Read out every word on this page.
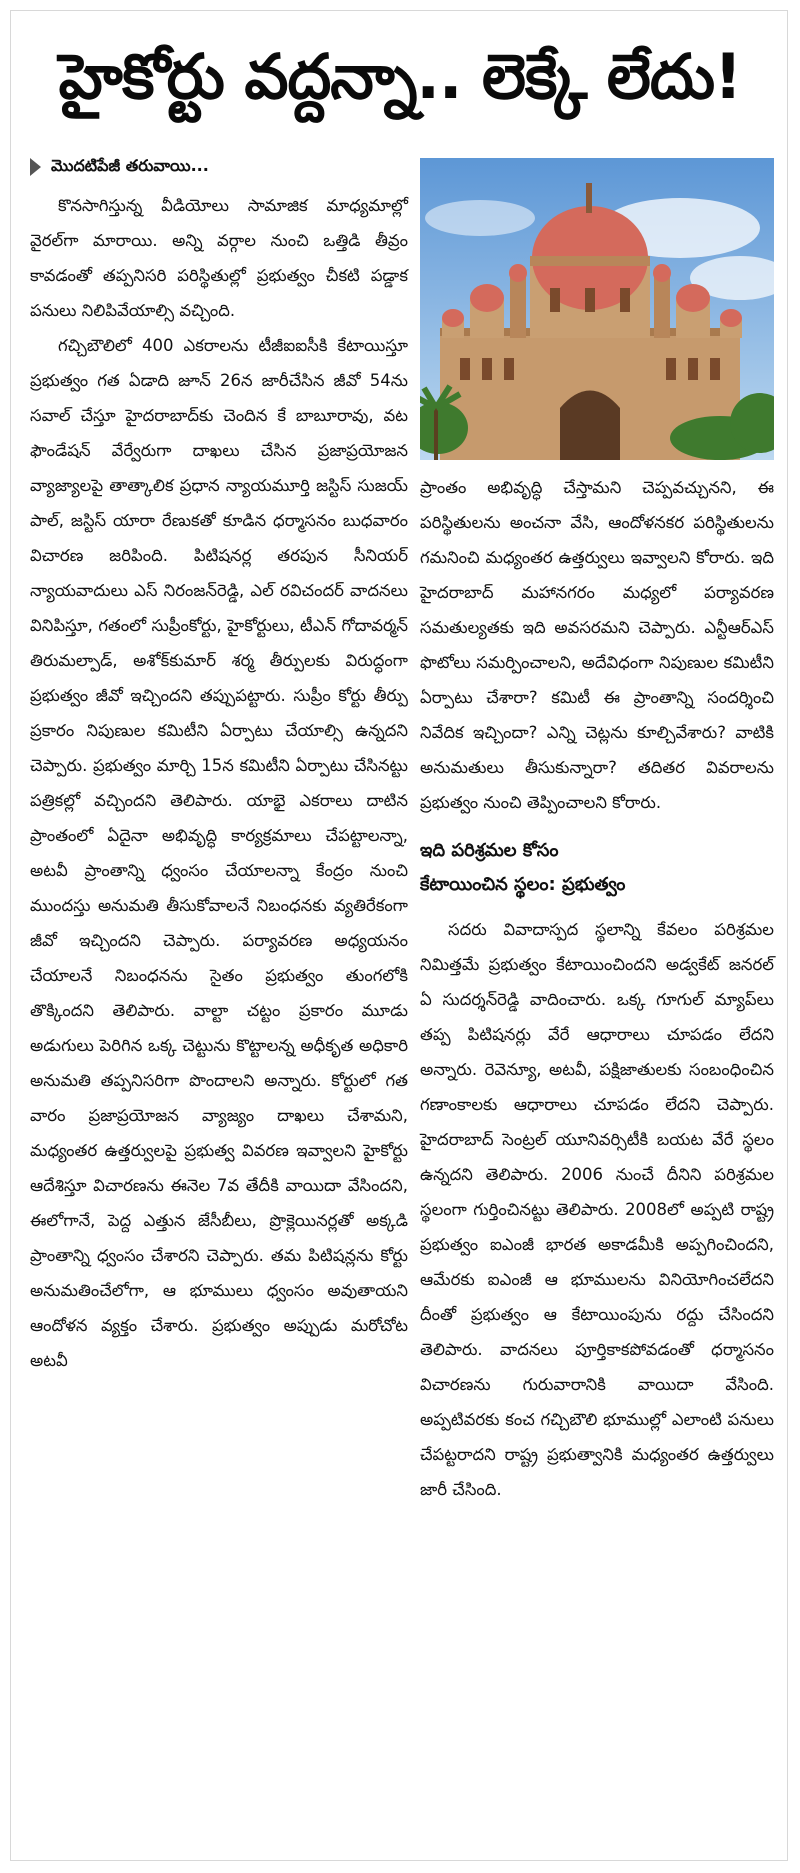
హైకోర్టు వద్దన్నా.. లెక్కే లేదు!
మొదటిపేజీ తరువాయి...

కొనసాగిస్తున్న వీడియోలు సామాజిక మాధ్యమాల్లో వైరల్‌గా మారాయి. అన్ని వర్గాల నుంచి ఒత్తిడి తీవ్రం కావడంతో తప్పనిసరి పరిస్థితుల్లో ప్రభుత్వం చీకటి పడ్డాక పనులు నిలిపివేయాల్సి వచ్చింది.

గచ్చిబౌలిలో 400 ఎకరాలను టీజీఐఐసీకి కేటాయిస్తూ ప్రభుత్వం గత ఏడాది జూన్ 26న జారీచేసిన జీవో 54ను సవాల్ చేస్తూ హైదరాబాద్‌కు చెందిన కే బాబూరావు, వట ఫౌండేషన్ వేర్వేరుగా దాఖలు చేసిన ప్రజాప్రయోజన వ్యాజ్యాలపై తాత్కాలిక ప్రధాన న్యాయమూర్తి జస్టిస్ సుజయ్ పాల్, జస్టిస్ యారా రేణుకతో కూడిన ధర్మాసనం బుధవారం విచారణ జరిపింది. పిటిషనర్ల తరపున సీనియర్ న్యాయవాదులు ఎస్ నిరంజన్‌రెడ్డి, ఎల్ రవిచందర్ వాదనలు వినిపిస్తూ, గతంలో సుప్రీంకోర్టు, హైకోర్టులు, టీఎన్ గోదావర్మన్ తిరుమల్పాడ్, అశోక్‌కుమార్ శర్మ తీర్పులకు విరుద్ధంగా ప్రభుత్వం జీవో ఇచ్చిందని తప్పుపట్టారు. సుప్రీం కోర్టు తీర్పు ప్రకారం నిపుణుల కమిటీని ఏర్పాటు చేయాల్సి ఉన్నదని చెప్పారు. ప్రభుత్వం మార్చి 15న కమిటీని ఏర్పాటు చేసినట్టు పత్రికల్లో వచ్చిందని తెలిపారు. యాభై ఎకరాలు దాటిన ప్రాంతంలో ఏదైనా అభివృద్ధి కార్యక్రమాలు చేపట్టాలన్నా, అటవీ ప్రాంతాన్ని ధ్వంసం చేయాలన్నా కేంద్రం నుంచి ముందస్తు అనుమతి తీసుకోవాలనే నిబంధనకు వ్యతిరేకంగా జీవో ఇచ్చిందని చెప్పారు. పర్యావరణ అధ్యయనం చేయాలనే నిబంధనను సైతం ప్రభుత్వం తుంగలోకి తొక్కిందని తెలిపారు. వాల్టా చట్టం ప్రకారం మూడు అడుగులు పెరిగిన ఒక్క చెట్టును కొట్టాలన్న అధీకృత అధికారి అనుమతి తప్పనిసరిగా పొందాలని అన్నారు. కోర్టులో గత వారం ప్రజాప్రయోజన వ్యాజ్యం దాఖలు చేశామని, మధ్యంతర ఉత్తర్వులపై ప్రభుత్వ వివరణ ఇవ్వాలని హైకోర్టు ఆదేశిస్తూ విచారణను ఈనెల 7వ తేదీకి వాయిదా వేసిందని, ఈలోగానే, పెద్ద ఎత్తున జేసీబీలు, ప్రొక్లెయినర్లతో అక్కడి ప్రాంతాన్ని ధ్వంసం చేశారని చెప్పారు. తమ పిటిషన్లను కోర్టు అనుమతించేలోగా, ఆ భూములు ధ్వంసం అవుతాయని ఆందోళన వ్యక్తం చేశారు. ప్రభుత్వం అప్పుడు మరోచోట అటవీ

ప్రాంతం అభివృద్ధి చేస్తామని చెప్పవచ్చునని, ఈ పరిస్థితులను అంచనా వేసి, ఆందోళనకర పరిస్థితులను గమనించి మధ్యంతర ఉత్తర్వులు ఇవ్వాలని కోరారు. ఇది హైదరాబాద్ మహానగరం మధ్యలో పర్యావరణ సమతుల్యతకు ఇది అవసరమని చెప్పారు. ఎన్టీఆర్‌ఎస్ ఫొటోలు సమర్పించాలని, అదేవిధంగా నిపుణుల కమిటీని ఏర్పాటు చేశారా? కమిటీ ఈ ప్రాంతాన్ని సందర్శించి నివేదిక ఇచ్చిందా? ఎన్ని చెట్లను కూల్చివేశారు? వాటికి అనుమతులు తీసుకున్నారా? తదితర వివరాలను ప్రభుత్వం నుంచి తెప్పించాలని కోరారు.

ఇది పరిశ్రమల కోసం
కేటాయించిన స్థలం: ప్రభుత్వం

సదరు వివాదాస్పద స్థలాన్ని కేవలం పరిశ్రమల నిమిత్తమే ప్రభుత్వం కేటాయించిందని అడ్వకేట్ జనరల్ ఏ సుదర్శన్‌రెడ్డి వాదించారు. ఒక్క గూగుల్ మ్యాప్‌లు తప్ప పిటిషనర్లు వేరే ఆధారాలు చూపడం లేదని అన్నారు. రెవెన్యూ, అటవీ, పక్షిజాతులకు సంబంధించిన గణాంకాలకు ఆధారాలు చూపడం లేదని చెప్పారు. హైదరాబాద్ సెంట్రల్ యూనివర్సిటీకి బయట వేరే స్థలం ఉన్నదని తెలిపారు. 2006 నుంచే దీనిని పరిశ్రమల స్థలంగా గుర్తించినట్టు తెలిపారు. 2008లో అప్పటి రాష్ట్ర ప్రభుత్వం ఐఎంజీ భారత అకాడమీకి అప్పగించిందని, ఆమేరకు ఐఎంజీ ఆ భూములను వినియోగించలేదని దీంతో ప్రభుత్వం ఆ కేటాయింపును రద్దు చేసిందని తెలిపారు. వాదనలు పూర్తికాకపోవడంతో ధర్మాసనం విచారణను గురువారానికి వాయిదా వేసింది. అప్పటివరకు కంచ గచ్చిబౌలి భూముల్లో ఎలాంటి పనులు చేపట్టరాదని రాష్ట్ర ప్రభుత్వానికి మధ్యంతర ఉత్తర్వులు జారీ చేసింది.
